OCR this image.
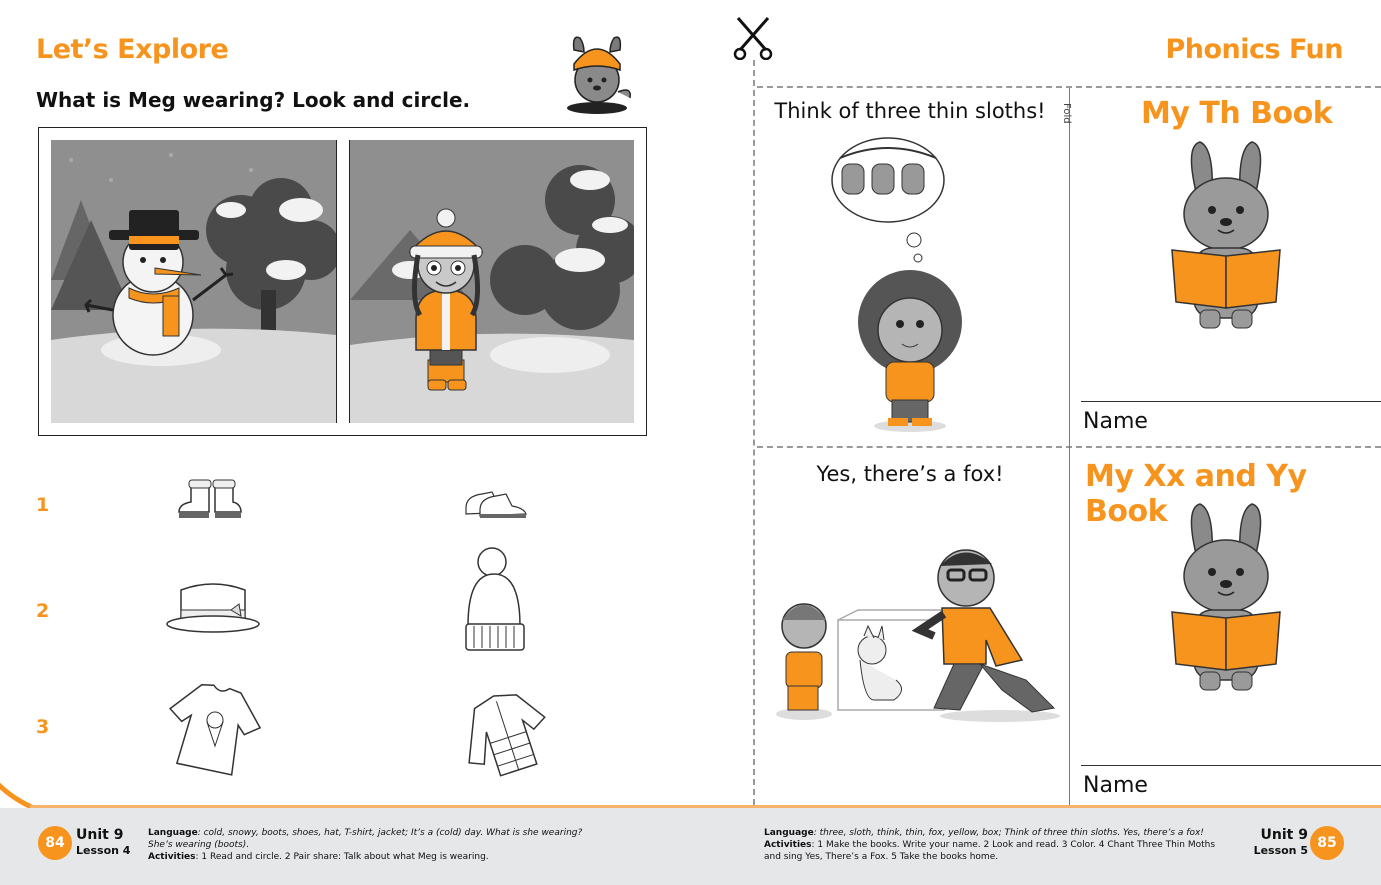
Let’s Explore
What is Meg wearing? Look and circle.
1
2
3
Fold
Phonics Fun
Think of three thin sloths!
Yes, there’s a fox!
My Th Book
Name
My Xx and Yy Book
Name
84 Unit 9
Lesson 4
Language: cold, snowy, boots, shoes, hat, T-shirt, jacket; It’s a (cold) day. What is she wearing?
She’s wearing (boots).
Activities: 1 Read and circle. 2 Pair share: Talk about what Meg is wearing.
Language: three, sloth, think, thin, fox, yellow, box; Think of three thin sloths. Yes, there’s a fox!
Activities: 1 Make the books. Write your name. 2 Look and read. 3 Color. 4 Chant Three Thin Moths
and sing Yes, There’s a Fox. 5 Take the books home.
Unit 9
Lesson 5 85
